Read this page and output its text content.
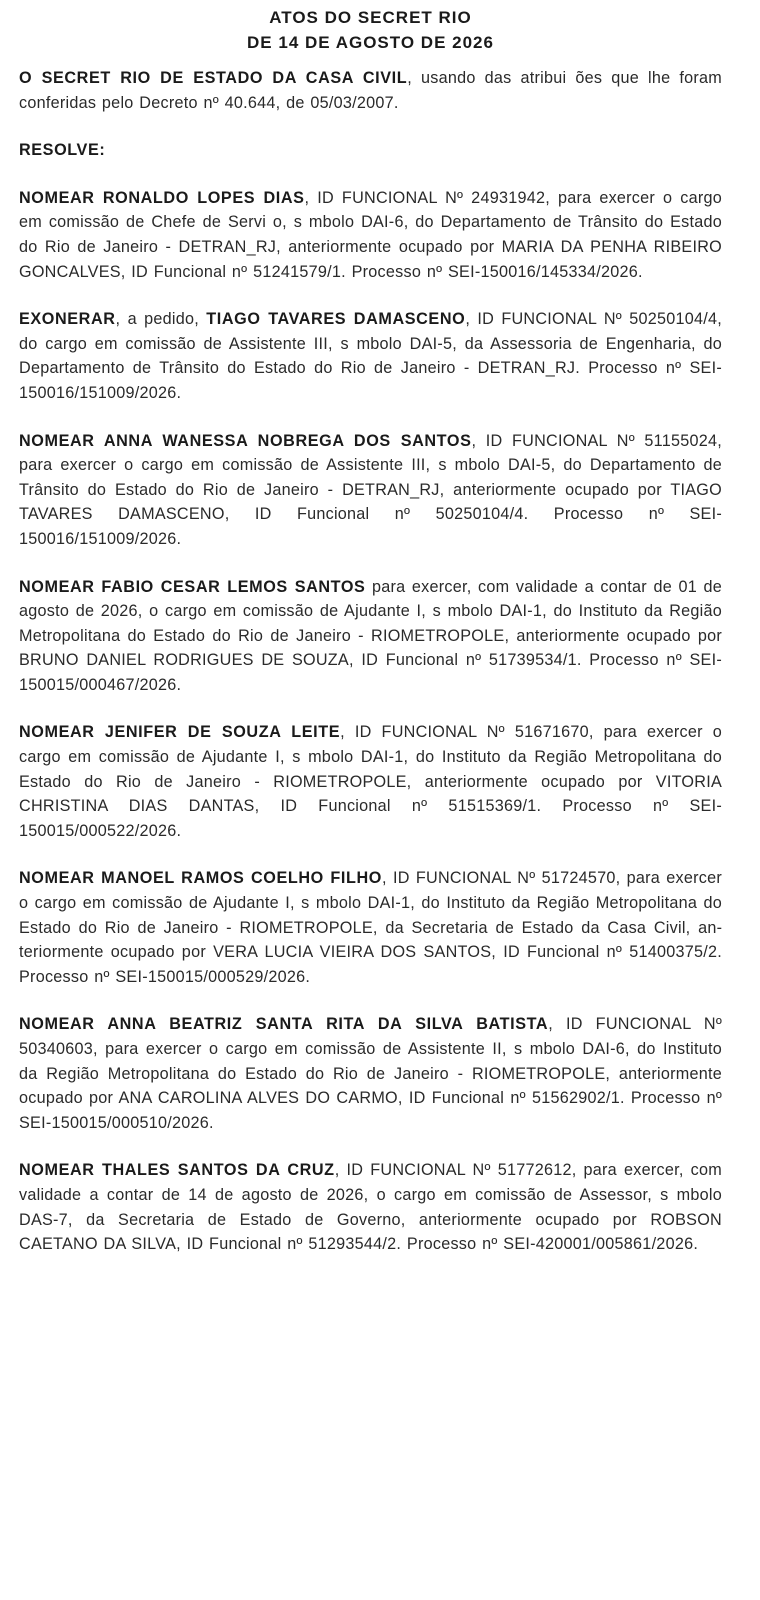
ATOS DO SECRET RIO
DE 14 DE AGOSTO DE 2026

O SECRET RIO DE ESTADO DA CASA CIVIL, usando das atribui ões que lhe foram conferidas pelo Decreto nº 40.644, de 05/03/2007.

RESOLVE:

NOMEAR RONALDO LOPES DIAS, ID FUNCIONAL Nº 24931942, para exercer o cargo em comissão de Chefe de Servi o, s mbolo DAI-6, do Departamento de Trânsito do Estado do Rio de Janeiro - DETRAN_RJ, anteriormente ocupado por MARIA DA PENHA RIBEIRO GONCALVES, ID Funcional nº 51241579/1. Processo nº SEI-150016/145334/2026.

EXONERAR, a pedido, TIAGO TAVARES DAMASCENO, ID FUNCIONAL Nº 50250104/4, do cargo em comissão de Assistente III, s mbolo DAI-5, da Assessoria de Engenharia, do Departamento de Trânsito do Estado do Rio de Janeiro - DETRAN_RJ. Processo nº SEI-150016/151009/2026.

NOMEAR ANNA WANESSA NOBREGA DOS SANTOS, ID FUNCIONAL Nº 51155024, para exercer o cargo em comissão de Assistente III, s mbolo DAI-5, do Departamento de Trânsito do Estado do Rio de Janeiro - DETRAN_RJ, anteriormente ocupado por TIAGO TAVARES DAMASCENO, ID Funcional nº 50250104/4. Processo nº SEI-150016/151009/2026.

NOMEAR FABIO CESAR LEMOS SANTOS para exercer, com validade a contar de 01 de agosto de 2026, o cargo em comissão de Ajudante I, s mbolo DAI-1, do Instituto da Região Metropolitana do Estado do Rio de Janeiro - RIOMETROPOLE, anteriormente ocupado por BRUNO DANIEL RODRIGUES DE SOUZA, ID Funcional nº 51739534/1. Processo nº SEI-150015/000467/2026.

NOMEAR JENIFER DE SOUZA LEITE, ID FUNCIONAL Nº 51671670, para exercer o cargo em comissão de Ajudante I, s mbolo DAI-1, do Instituto da Região Metropolitana do Estado do Rio de Janeiro - RIOMETROPOLE, anteriormente ocupado por VITORIA CHRISTINA DIAS DANTAS, ID Funcional nº 51515369/1. Processo nº SEI-150015/000522/2026.

NOMEAR MANOEL RAMOS COELHO FILHO, ID FUNCIONAL Nº 51724570, para exercer o cargo em comissão de Ajudante I, s mbolo DAI-1, do Instituto da Região Metropolitana do Estado do Rio de Janeiro - RIOMETROPOLE, da Secretaria de Estado da Casa Civil, anteriormente ocupado por VERA LUCIA VIEIRA DOS SANTOS, ID Funcional nº 51400375/2. Processo nº SEI-150015/000529/2026.

NOMEAR ANNA BEATRIZ SANTA RITA DA SILVA BATISTA, ID FUNCIONAL Nº 50340603, para exercer o cargo em comissão de Assistente II, s mbolo DAI-6, do Instituto da Região Metropolitana do Estado do Rio de Janeiro - RIOMETROPOLE, anteriormente ocupado por ANA CAROLINA ALVES DO CARMO, ID Funcional nº 51562902/1. Processo nº SEI-150015/000510/2026.

NOMEAR THALES SANTOS DA CRUZ, ID FUNCIONAL Nº 51772612, para exercer, com validade a contar de 14 de agosto de 2026, o cargo em comissão de Assessor, s mbolo DAS-7, da Secretaria de Estado de Governo, anteriormente ocupado por ROBSON CAETANO DA SILVA, ID Funcional nº 51293544/2. Processo nº SEI-420001/005861/2026.
